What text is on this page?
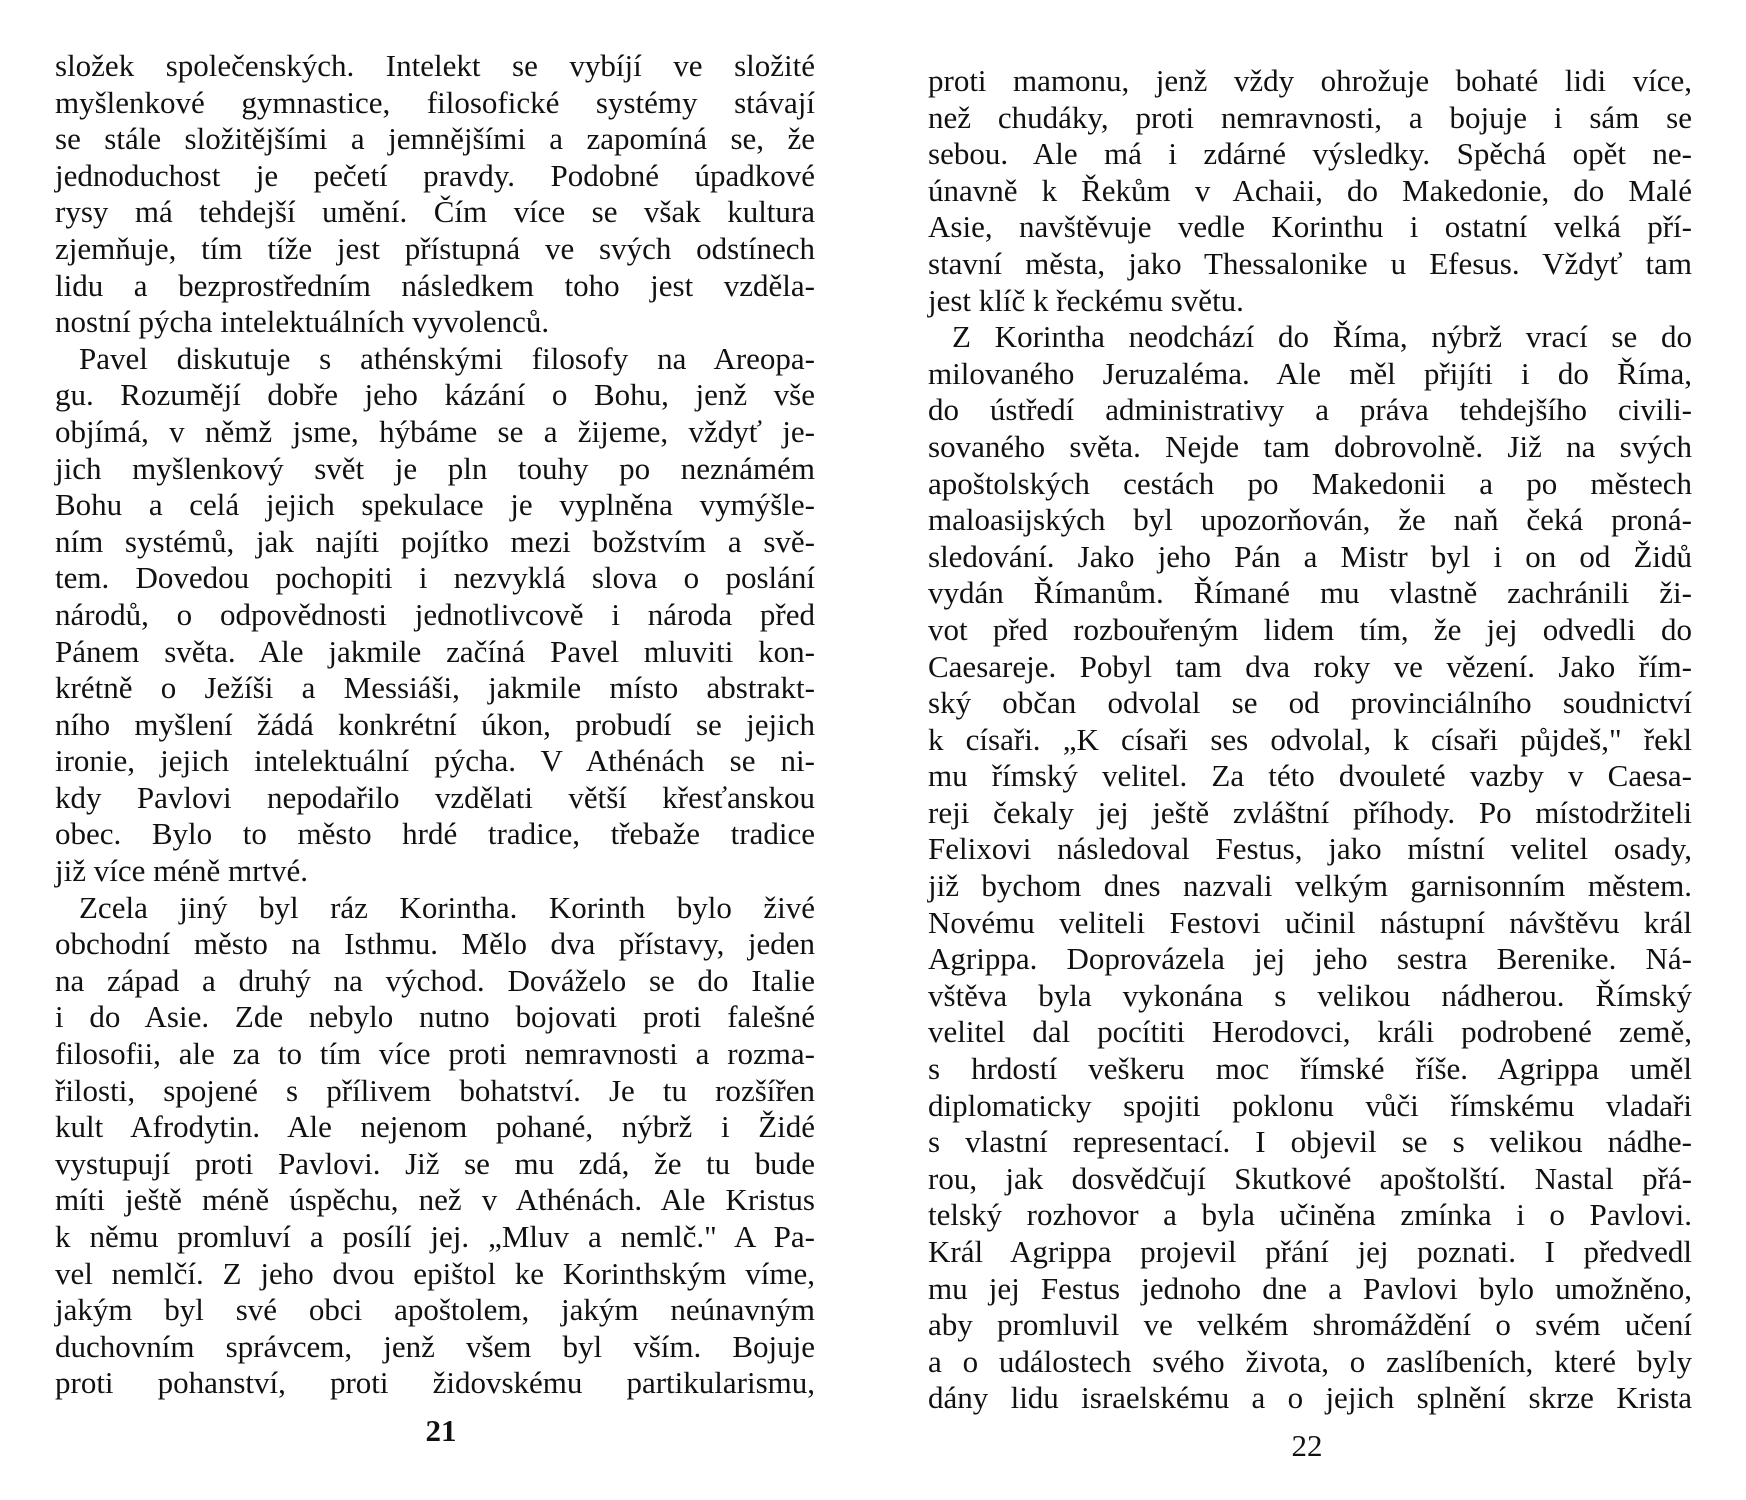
složek společenských. Intelekt se vybíjí ve složité
myšlenkové gymnastice, filosofické systémy stávají
se stále složitějšími a jemnějšími a zapomíná se, že
jednoduchost je pečetí pravdy. Podobné úpadkové
rysy má tehdejší umění. Čím více se však kultura
zjemňuje, tím tíže jest přístupná ve svých odstínech
lidu a bezprostředním následkem toho jest vzděla-
nostní pýcha intelektuálních vyvolenců.
Pavel diskutuje s athénskými filosofy na Areopa-
gu. Rozumějí dobře jeho kázání o Bohu, jenž vše
objímá, v němž jsme, hýbáme se a žijeme, vždyť je-
jich myšlenkový svět je pln touhy po neznámém
Bohu a celá jejich spekulace je vyplněna vymýšle-
ním systémů, jak najíti pojítko mezi božstvím a svě-
tem. Dovedou pochopiti i nezvyklá slova o poslání
národů, o odpovědnosti jednotlivcově i národa před
Pánem světa. Ale jakmile začíná Pavel mluviti kon-
krétně o Ježíši a Messiáši, jakmile místo abstrakt-
ního myšlení žádá konkrétní úkon, probudí se jejich
ironie, jejich intelektuální pýcha. V Athénách se ni-
kdy Pavlovi nepodařilo vzdělati větší křesťanskou
obec. Bylo to město hrdé tradice, třebaže tradice
již více méně mrtvé.
Zcela jiný byl ráz Korintha. Korinth bylo živé
obchodní město na Isthmu. Mělo dva přístavy, jeden
na západ a druhý na východ. Dováželo se do Italie
i do Asie. Zde nebylo nutno bojovati proti falešné
filosofii, ale za to tím více proti nemravnosti a rozma-
řilosti, spojené s přílivem bohatství. Je tu rozšířen
kult Afrodytin. Ale nejenom pohané, nýbrž i Židé
vystupují proti Pavlovi. Již se mu zdá, že tu bude
míti ještě méně úspěchu, než v Athénách. Ale Kristus
k němu promluví a posílí jej. „Mluv a nemlč." A Pa-
vel nemlčí. Z jeho dvou epištol ke Korinthským víme,
jakým byl své obci apoštolem, jakým neúnavným
duchovním správcem, jenž všem byl vším. Bojuje
proti pohanství, proti židovskému partikularismu,
21
proti mamonu, jenž vždy ohrožuje bohaté lidi více,
než chudáky, proti nemravnosti, a bojuje i sám se
sebou. Ale má i zdárné výsledky. Spěchá opět ne-
únavně k Řekům v Achaii, do Makedonie, do Malé
Asie, navštěvuje vedle Korinthu i ostatní velká pří-
stavní města, jako Thessalonike u Efesus. Vždyť tam
jest klíč k řeckému světu.
Z Korintha neodchází do Říma, nýbrž vrací se do
milovaného Jeruzaléma. Ale měl přijíti i do Říma,
do ústředí administrativy a práva tehdejšího civili-
sovaného světa. Nejde tam dobrovolně. Již na svých
apoštolských cestách po Makedonii a po městech
maloasijských byl upozorňován, že naň čeká proná-
sledování. Jako jeho Pán a Mistr byl i on od Židů
vydán Římanům. Římané mu vlastně zachránili ži-
vot před rozbouřeným lidem tím, že jej odvedli do
Caesareje. Pobyl tam dva roky ve vězení. Jako řím-
ský občan odvolal se od provinciálního soudnictví
k císaři. „K císaři ses odvolal, k císaři půjdeš," řekl
mu římský velitel. Za této dvouleté vazby v Caesa-
reji čekaly jej ještě zvláštní příhody. Po místodržiteli
Felixovi následoval Festus, jako místní velitel osady,
již bychom dnes nazvali velkým garnisonním městem.
Novému veliteli Festovi učinil nástupní návštěvu král
Agrippa. Doprovázela jej jeho sestra Berenike. Ná-
vštěva byla vykonána s velikou nádherou. Římský
velitel dal pocítiti Herodovci, králi podrobené země,
s hrdostí veškeru moc římské říše. Agrippa uměl
diplomaticky spojiti poklonu vůči římskému vladaři
s vlastní representací. I objevil se s velikou nádhe-
rou, jak dosvědčují Skutkové apoštolští. Nastal přá-
telský rozhovor a byla učiněna zmínka i o Pavlovi.
Král Agrippa projevil přání jej poznati. I předvedl
mu jej Festus jednoho dne a Pavlovi bylo umožněno,
aby promluvil ve velkém shromáždění o svém učení
a o událostech svého života, o zaslíbeních, které byly
dány lidu israelskému a o jejich splnění skrze Krista
22
